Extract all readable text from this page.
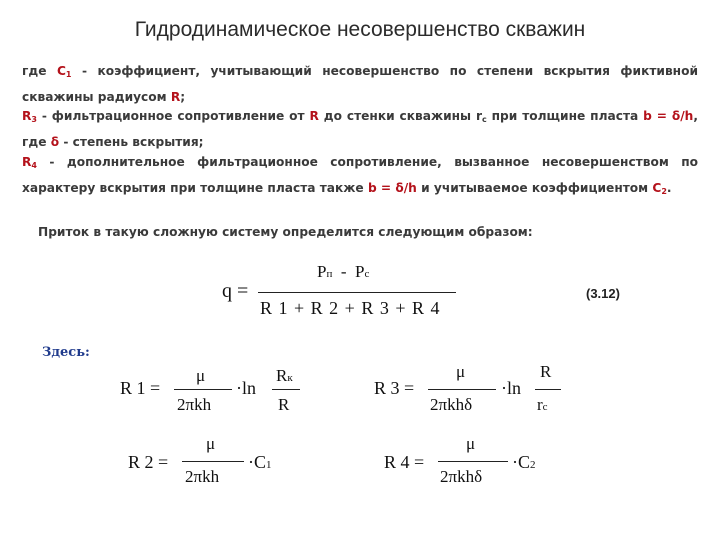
Гидродинамическое несовершенство скважин
где $C_1$ - коэффициент, учитывающий несовершенство по степени вскрытия фиктивной скважины радиусом R;
$R_3$ - фильтрационное сопротивление от R до стенки скважины $r_c$ при толщине пласта b = δ/h, где δ - степень вскрытия;
$R_4$ - дополнительное фильтрационное сопротивление, вызванное несовершенством по характеру вскрытия при толщине пласта также b = δ/h и учитываемое коэффициентом $C_2$.
Приток в такую сложную систему определится следующим образом:
q =
Pп - Pc
R 1 + R 2 + R 3 + R 4
(3.12)
Здесь:
R 1 =
μ
2πkh
·ln
Rк
R
R 3 =
μ
2πkhδ
·ln
R
rc
R 2 =
μ
2πkh
·C1	R 4 =
μ
2πkhδ
·C2
